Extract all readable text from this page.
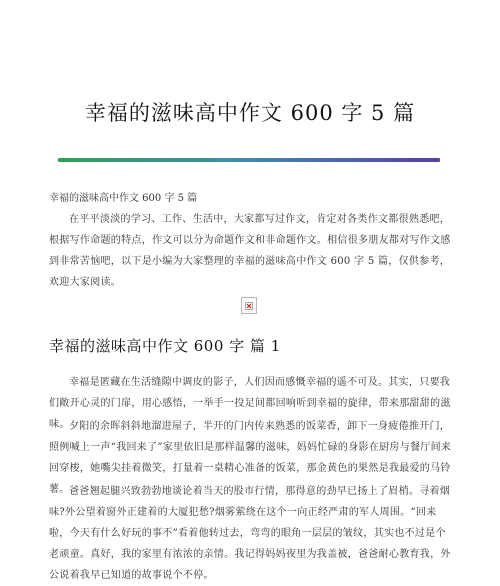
幸福的滋味高中作文 600 字 5 篇
幸福的滋味高中作文 600 字 5 篇

在平平淡淡的学习、工作、生活中，大家都写过作文，肯定对各类作文都很熟悉吧，根据写作命题的特点，作文可以分为命题作文和非命题作文。相信很多朋友都对写作文感到非常苦恼吧，以下是小编为大家整理的幸福的滋味高中作文 600 字 5 篇，仅供参考，欢迎大家阅读。

幸福的滋味高中作文 600 字 篇 1

幸福是匿藏在生活缝隙中调皮的影子，人们因而感慨幸福的遥不可及。其实，只要我们敞开心灵的门扉，用心感悟，一举手一投足间都回响听到幸福的旋律，带来那甜甜的滋味。 夕阳的余晖斜斜地溜进屋子，半开的门内传来熟悉的饭菜香，卸下一身疲倦推开门，照例喊上一声“我回来了”家里依旧是那样温馨的滋味，妈妈忙碌的身影在厨房与餐厅间来回穿梭，她嘴尖挂着微笑，打量着一桌精心准备的饭菜，那金黄色的果然是我最爱的马铃薯。 爸爸翘起腿兴致勃勃地谈论着当天的股市行情，那得意的劲早已扬上了眉梢。寻着烟味?外公望着窗外正建着的大厦犯愁?烟雾萦绕在这个一向正经严肃的军人周围。“回来啦，今天有什么好玩的事不”看着他转过去，弯弯的眼角一层层的皱纹，其实也不过是个老顽童。真好，我的家里有浓浓的亲情。我记得妈妈夜里为我盖被，爸爸耐心教育我，外公说着我早已知道的故事说个不停。
